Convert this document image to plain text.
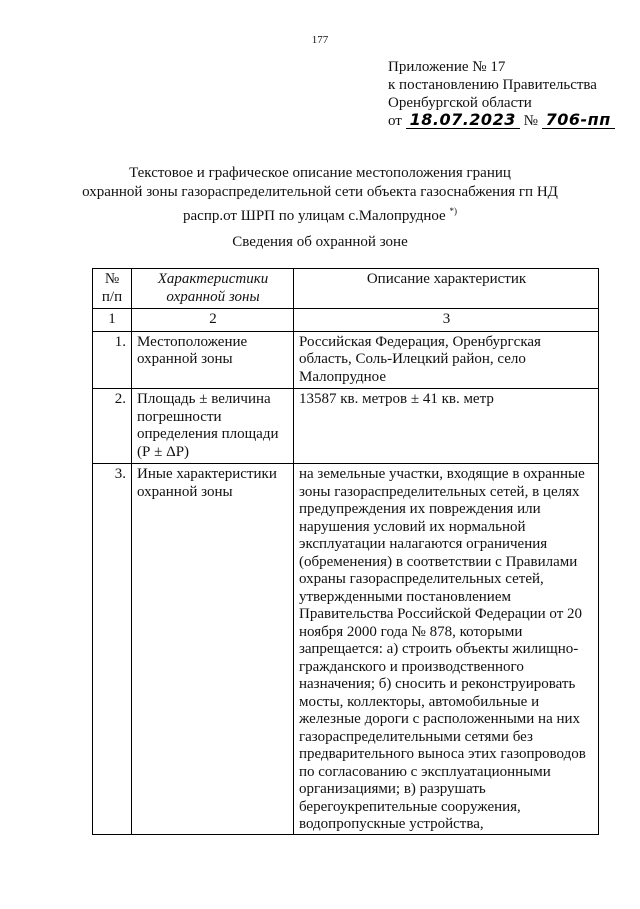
177
Приложение № 17
к постановлению Правительства
Оренбургской области
от 18.07.2023 № 706-пп
Текстовое и графическое описание местоположения границ
охранной зоны газораспределительной сети объекта газоснабжения гп НД
распр.от ШРП по улицам с.Малопрудное *)
Сведения об охранной зоне
№ п/п	Характеристики охранной зоны	Описание характеристик
1	2	3
1.	Местоположение охранной зоны	Российская Федерация, Оренбургская область, Соль-Илецкий район, село Малопрудное
2.	Площадь ± величина погрешности определения площади (Р ± ΔР)	13587 кв. метров ± 41 кв. метр
3.	Иные характеристики охранной зоны	на земельные участки, входящие в охранные зоны газораспределительных сетей, в целях предупреждения их повреждения или нарушения условий их нормальной эксплуатации налагаются ограничения (обременения) в соответствии с Правилами охраны газораспределительных сетей, утвержденными постановлением Правительства Российской Федерации от 20 ноября 2000 года № 878, которыми запрещается: а) строить объекты жилищно-гражданского и производственного назначения; б) сносить и реконструировать мосты, коллекторы, автомобильные и железные дороги с расположенными на них газораспределительными сетями без предварительного выноса этих газопроводов по согласованию с эксплуатационными организациями; в) разрушать берегоукрепительные сооружения, водопропускные устройства,
